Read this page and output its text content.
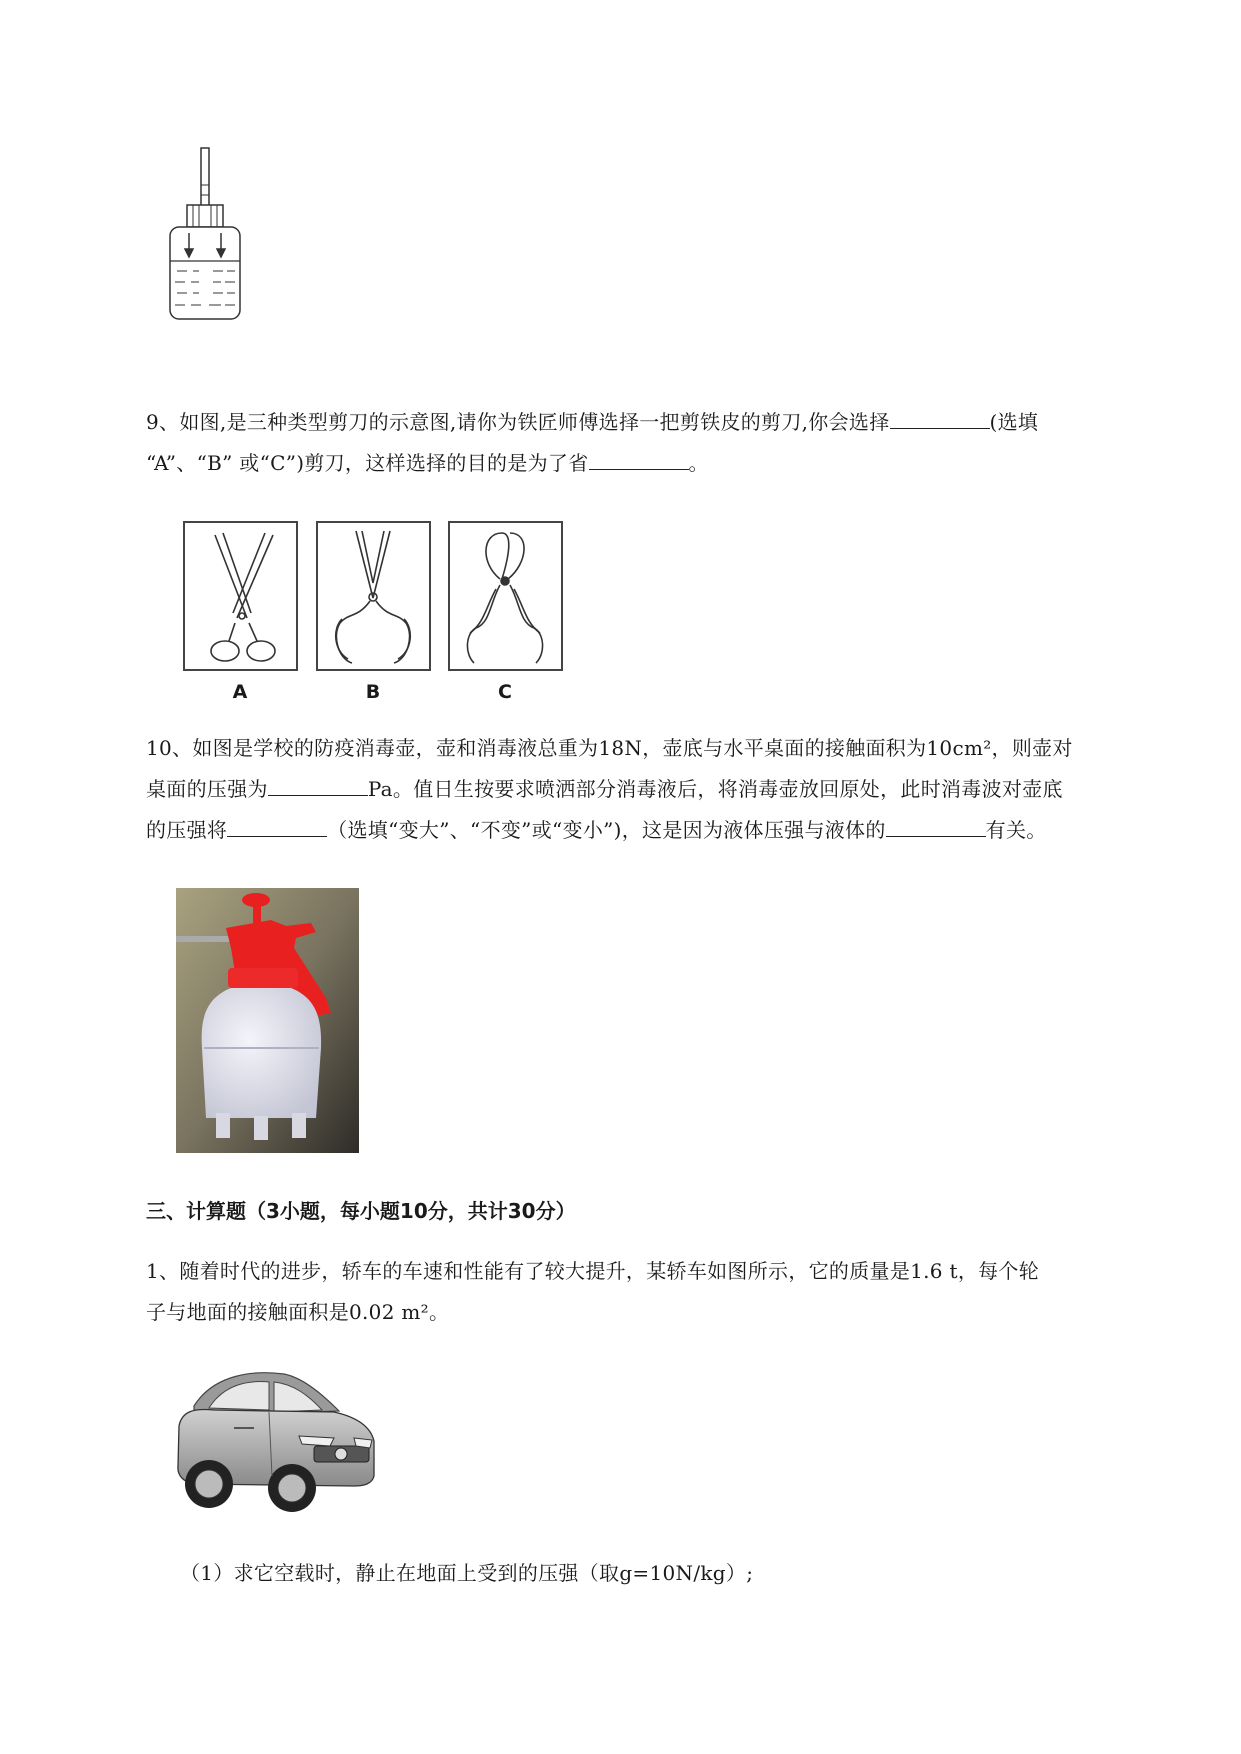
9、如图,是三种类型剪刀的示意图,请你为铁匠师傅选择一把剪铁皮的剪刀,你会选择	(选填
“A”、“B” 或“C”)剪刀，这样选择的目的是为了省	。
A	B	C
10、如图是学校的防疫消毒壶，壶和消毒液总重为18N，壶底与水平桌面的接触面积为10cm²，则壶对
桌面的压强为	Pa。值日生按要求喷洒部分消毒液后，将消毒壶放回原处，此时消毒波对壶底
的压强将	（选填“变大”、“不变”或“变小”)，这是因为液体压强与液体的	有关。
三、计算题（3小题，每小题10分，共计30分）
1、随着时代的进步，轿车的车速和性能有了较大提升，某轿车如图所示，它的质量是1.6 t，每个轮
子与地面的接触面积是0.02 m²。
（1）求它空载时，静止在地面上受到的压强（取g=10N/kg）;
